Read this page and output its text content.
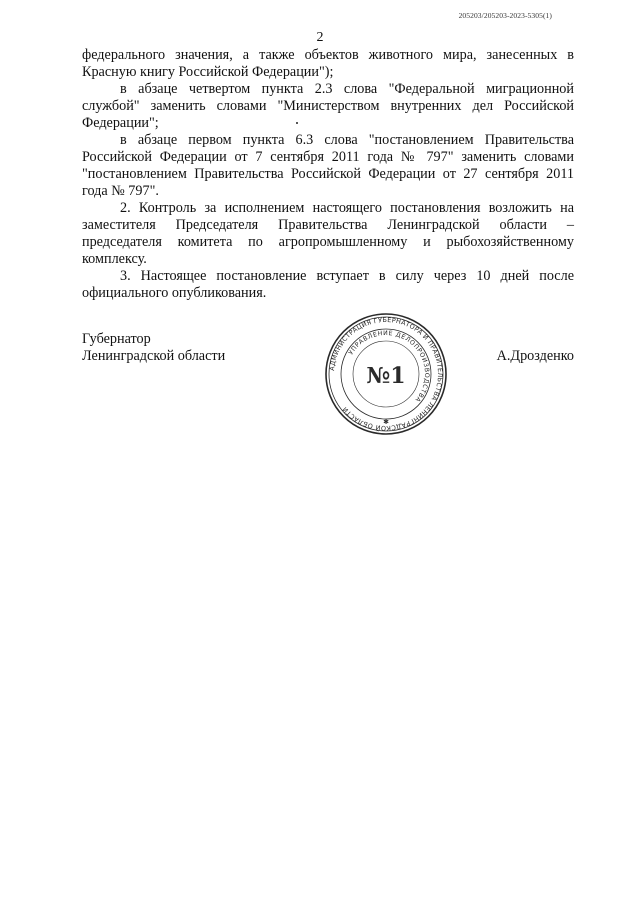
205203/205203-2023-5305(1)
2

федерального значения, а также объектов животного мира, занесенных в Красную книгу Российской Федерации");

в абзаце четвертом пункта 2.3 слова "Федеральной миграционной службой" заменить словами "Министерством внутренних дел Российской Федерации";

в абзаце первом пункта 6.3 слова "постановлением Правительства Российской Федерации от 7 сентября 2011 года № 797" заменить словами "постановлением Правительства Российской Федерации от 27 сентября 2011 года № 797".

2. Контроль за исполнением настоящего постановления возложить на заместителя Председателя Правительства Ленинградской области – председателя комитета по агропромышленному и рыбохозяйственному комплексу.

3. Настоящее постановление вступает в силу через 10 дней после официального опубликования.

Губернатор
Ленинградской области	А.Дрозденко
АДМИНИСТРАЦИЯ ГУБЕРНАТОРА И ПРАВИТЕЛЬСТВА ЛЕНИНГРАДСКОЙ ОБЛАСТИ
УПРАВЛЕНИЕ ДЕЛОПРОИЗВОДСТВА
№1
✱
